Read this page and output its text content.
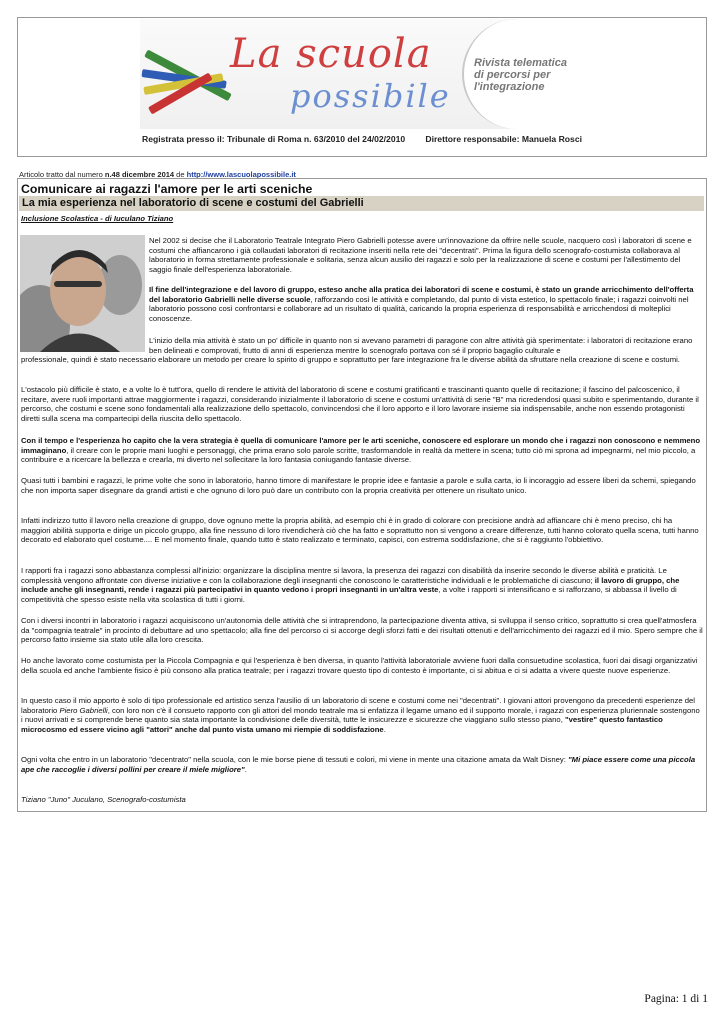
La scuola
possibile
Rivista telematica di percorsi per l'integrazione
Registrata presso il: Tribunale di Roma n. 63/2010 del 24/02/2010 Direttore responsabile: Manuela Rosci
Articolo tratto dal numero n.48 dicembre 2014 de http://www.lascuolapossibile.it
Comunicare ai ragazzi l'amore per le arti sceniche
La mia esperienza nel laboratorio di scene e costumi del Gabrielli
Inclusione Scolastica - di Iuculano Tiziano
Nel 2002 si decise che il Laboratorio Teatrale Integrato Piero Gabrielli potesse avere un'innovazione da offrire nelle scuole, nacquero così i laboratori di scene e costumi che affiancarono i già collaudati laboratori di recitazione inseriti nella rete dei "decentrati". Prima la figura dello scenografo-costumista collaborava al laboratorio in forma strettamente professionale e solitaria, senza alcun ausilio dei ragazzi e solo per la realizzazione di scene e costumi per l'allestimento del saggio finale dell'esperienza laboratoriale.
Il fine dell'integrazione e del lavoro di gruppo, esteso anche alla pratica dei laboratori di scene e costumi, è stato un grande arricchimento dell'offerta del laboratorio Gabrielli nelle diverse scuole, rafforzando così le attività e completando, dal punto di vista estetico, lo spettacolo finale; i ragazzi coinvolti nel laboratorio possono così confrontarsi e collaborare ad un risultato di qualità, caricando la propria esperienza di responsabilità e arricchendosi di molteplici conoscenze.
L'inizio della mia attività è stato un po' difficile in quanto non si avevano parametri di paragone con altre attività già sperimentate: i laboratori di recitazione erano ben delineati e comprovati, frutto di anni di esperienza mentre lo scenografo portava con sé il proprio bagaglio culturale e
professionale, quindi è stato necessario elaborare un metodo per creare lo spirito di gruppo e soprattutto per fare integrazione fra le diverse abilità da sfruttare nella creazione di scene e costumi.
L'ostacolo più difficile è stato, e a volte lo è tutt'ora, quello di rendere le attività del laboratorio di scene e costumi gratificanti e trascinanti quanto quelle di recitazione; il fascino del palcoscenico, il recitare, avere ruoli importanti attrae maggiormente i ragazzi, considerando inizialmente il laboratorio di scene e costumi un'attività di serie "B" ma ricredendosi quasi subito e sperimentando, durante il percorso, che costumi e scene sono fondamentali alla realizzazione dello spettacolo, convincendosi che il loro apporto e il loro lavorare insieme sia indispensabile, anche non essendo protagonisti diretti sulla scena ma compartecipi della riuscita dello spettacolo.
Con il tempo e l'esperienza ho capito che la vera strategia è quella di comunicare l'amore per le arti sceniche, conoscere ed esplorare un mondo che i ragazzi non conoscono e nemmeno immaginano, il creare con le proprie mani luoghi e personaggi, che prima erano solo parole scritte, trasformandole in realtà da mettere in scena; tutto ciò mi sprona ad impegnarmi, nel mio piccolo, a contribuire e a ricercare la bellezza e crearla, mi diverto nel sollecitare la loro fantasia coniugando fantasie diverse.
Quasi tutti i bambini e ragazzi, le prime volte che sono in laboratorio, hanno timore di manifestare le proprie idee e fantasie a parole e sulla carta, io li incoraggio ad essere liberi da schemi, spiegando che non importa saper disegnare da grandi artisti e che ognuno di loro può dare un contributo con la propria creatività per ottenere un risultato unico.
Infatti indirizzo tutto il lavoro nella creazione di gruppo, dove ognuno mette la propria abilità, ad esempio chi è in grado di colorare con precisione andrà ad affiancare chi è meno preciso, chi ha maggiori abilità supporta e dirige un piccolo gruppo, alla fine nessuno di loro rivendicherà ciò che ha fatto e soprattutto non si vengono a creare differenze, tutti hanno colorato quella scena, tutti hanno decorato ed elaborato quel costume.... E nel momento finale, quando tutto è stato realizzato e terminato, capisci, con estrema soddisfazione, che si è raggiunto l'obbiettivo.
I rapporti fra i ragazzi sono abbastanza complessi all'inizio: organizzare la disciplina mentre si lavora, la presenza dei ragazzi con disabilità da inserire secondo le diverse abilità e praticità. Le complessità vengono affrontate con diverse iniziative e con la collaborazione degli insegnanti che conoscono le caratteristiche individuali e le problematiche di ciascuno; il lavoro di gruppo, che include anche gli insegnanti, rende i ragazzi più partecipativi in quanto vedono i propri insegnanti in un'altra veste, a volte i rapporti si intensificano e si rafforzano, si abbassa il livello di competitività che spesso esiste nella vita scolastica di tutti i giorni.
Con i diversi incontri in laboratorio i ragazzi acquisiscono un'autonomia delle attività che si intraprendono, la partecipazione diventa attiva, si sviluppa il senso critico, soprattutto si crea quell'atmosfera da "compagnia teatrale" in procinto di debuttare ad uno spettacolo; alla fine del percorso ci si accorge degli sforzi fatti e dei risultati ottenuti e dell'arricchimento dei ragazzi ed il mio. Spero sempre che il percorso fatto insieme sia stato utile alla loro crescita.
Ho anche lavorato come costumista per la Piccola Compagnia e qui l'esperienza è ben diversa, in quanto l'attività laboratoriale avviene fuori dalla consuetudine scolastica, fuori dai disagi organizzativi della scuola ed anche l'ambiente fisico è più consono alla pratica teatrale; per i ragazzi trovare questo tipo di contesto è importante, ci si abitua e ci si adatta a vivere queste nuove esperienze.
In questo caso il mio apporto è solo di tipo professionale ed artistico senza l'ausilio di un laboratorio di scene e costumi come nei "decentrati". I giovani attori provengono da precedenti esperienze del laboratorio Piero Gabrielli, con loro non c'è il consueto rapporto con gli attori del mondo teatrale ma si enfatizza il legame umano ed il supporto morale, i ragazzi con esperienza pluriennale sostengono i nuovi arrivati e si comprende bene quanto sia stata importante la condivisione delle diversità, tutte le insicurezze e sicurezze che viaggiano sullo stesso piano, "vestire" questo fantastico microcosmo ed essere vicino agli "attori" anche dal punto vista umano mi riempie di soddisfazione.
Ogni volta che entro in un laboratorio "decentrato" nella scuola, con le mie borse piene di tessuti e colori, mi viene in mente una citazione amata da Walt Disney: "Mi piace essere come una piccola ape che raccoglie i diversi pollini per creare il miele migliore".
Tiziano "Juno" Juculano, Scenografo-costumista
Pagina: 1 di 1
